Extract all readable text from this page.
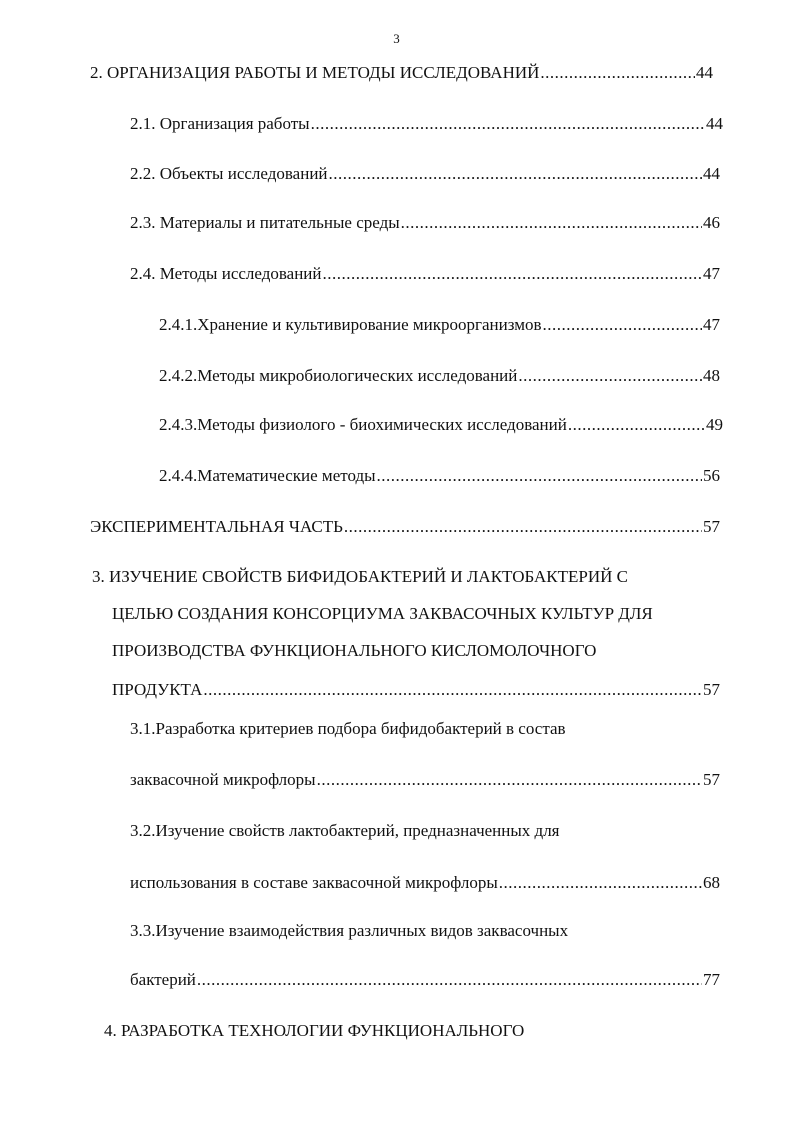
3
2. ОРГАНИЗАЦИЯ РАБОТЫ И МЕТОДЫ ИССЛЕДОВАНИЙ .....	44
2.1. Организация работы .....	44
2.2. Объекты исследований .....	44
2.3. Материалы и питательные среды .....	46
2.4. Методы исследований .....	47
2.4.1.Хранение и культивирование микроорганизмов .....	47
2.4.2.Методы микробиологических исследований .....	48
2.4.3.Методы физиолого - биохимических исследований .....	49
2.4.4.Математические методы .....	56
ЭКСПЕРИМЕНТАЛЬНАЯ ЧАСТЬ .....	57
3. ИЗУЧЕНИЕ СВОЙСТВ БИФИДОБАКТЕРИЙ И ЛАКТОБАКТЕРИЙ С
ЦЕЛЬЮ СОЗДАНИЯ КОНСОРЦИУМА ЗАКВАСОЧНЫХ КУЛЬТУР ДЛЯ
ПРОИЗВОДСТВА ФУНКЦИОНАЛЬНОГО КИСЛОМОЛОЧНОГО
ПРОДУКТА .....	57
3.1.Разработка критериев подбора бифидобактерий в состав
заквасочной микрофлоры .....	57
3.2.Изучение свойств лактобактерий, предназначенных для
использования в составе заквасочной микрофлоры .....	68
3.3.Изучение взаимодействия различных видов заквасочных
бактерий .....	77
4. РАЗРАБОТКА ТЕХНОЛОГИИ ФУНКЦИОНАЛЬНОГО
